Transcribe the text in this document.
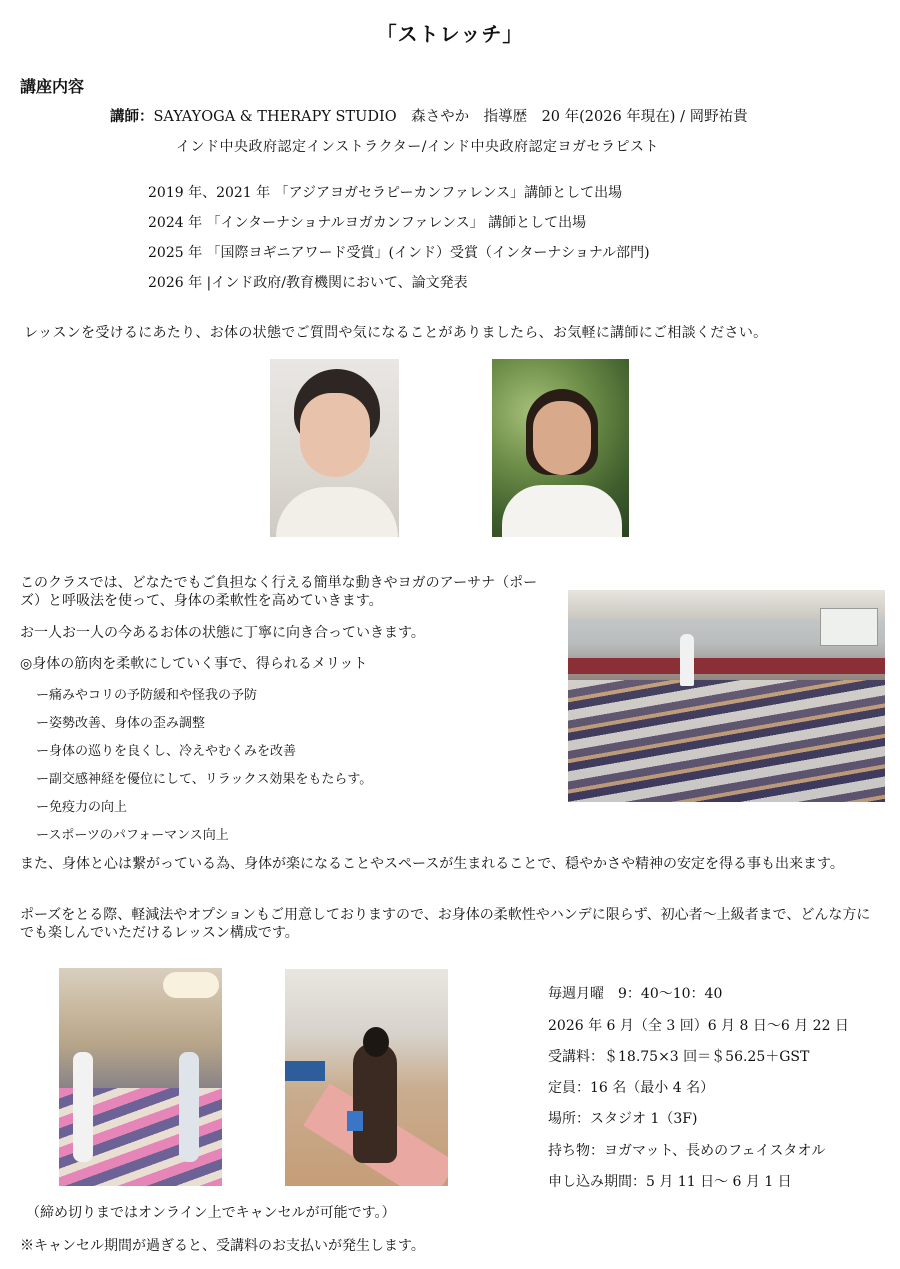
「ストレッチ」
講座内容
講師：SAYAYOGA & THERAPY STUDIO　森さやか　指導歴　20 年(2026 年現在) / 岡野祐貴
インド中央政府認定インストラクター/インド中央政府認定ヨガセラピスト
2019 年、2021 年 「アジアヨガセラピーカンファレンス」講師として出場
2024 年 「インターナショナルヨガカンファレンス」 講師として出場
2025 年 「国際ヨギニアワード受賞」(インド）受賞（インターナショナル部門)
2026 年 |インド政府/教育機関において、論文発表
レッスンを受けるにあたり、お体の状態でご質問や気になることがありましたら、お気軽に講師にご相談ください。
このクラスでは、どなたでもご負担なく行える簡単な動きやヨガのアーサナ（ポーズ）と呼吸法を使って、身体の柔軟性を高めていきます。
お一人お一人の今あるお体の状態に丁寧に向き合っていきます。
◎身体の筋肉を柔軟にしていく事で、得られるメリット
ー痛みやコリの予防緩和や怪我の予防
ー姿勢改善、身体の歪み調整
ー身体の巡りを良くし、冷えやむくみを改善
ー副交感神経を優位にして、リラックス効果をもたらす。
ー免疫力の向上
ースポーツのパフォーマンス向上
また、身体と心は繋がっている為、身体が楽になることやスペースが生まれることで、穏やかさや精神の安定を得る事も出来ます。
ポーズをとる際、軽減法やオプションもご用意しておりますので、お身体の柔軟性やハンデに限らず、初心者〜上級者まで、どんな方にでも楽しんでいただけるレッスン構成です。
毎週月曜　9：40〜10：40
2026 年 6 月（全 3 回）6 月 8 日〜6 月 22 日
受講料：＄18.75×3 回＝＄56.25＋GST
定員：16 名（最小 4 名）
場所：スタジオ 1（3F)
持ち物：ヨガマット、長めのフェイスタオル
申し込み期間：5 月 11 日〜 6 月 1 日
（締め切りまではオンライン上でキャンセルが可能です。）
※キャンセル期間が過ぎると、受講料のお支払いが発生します。
